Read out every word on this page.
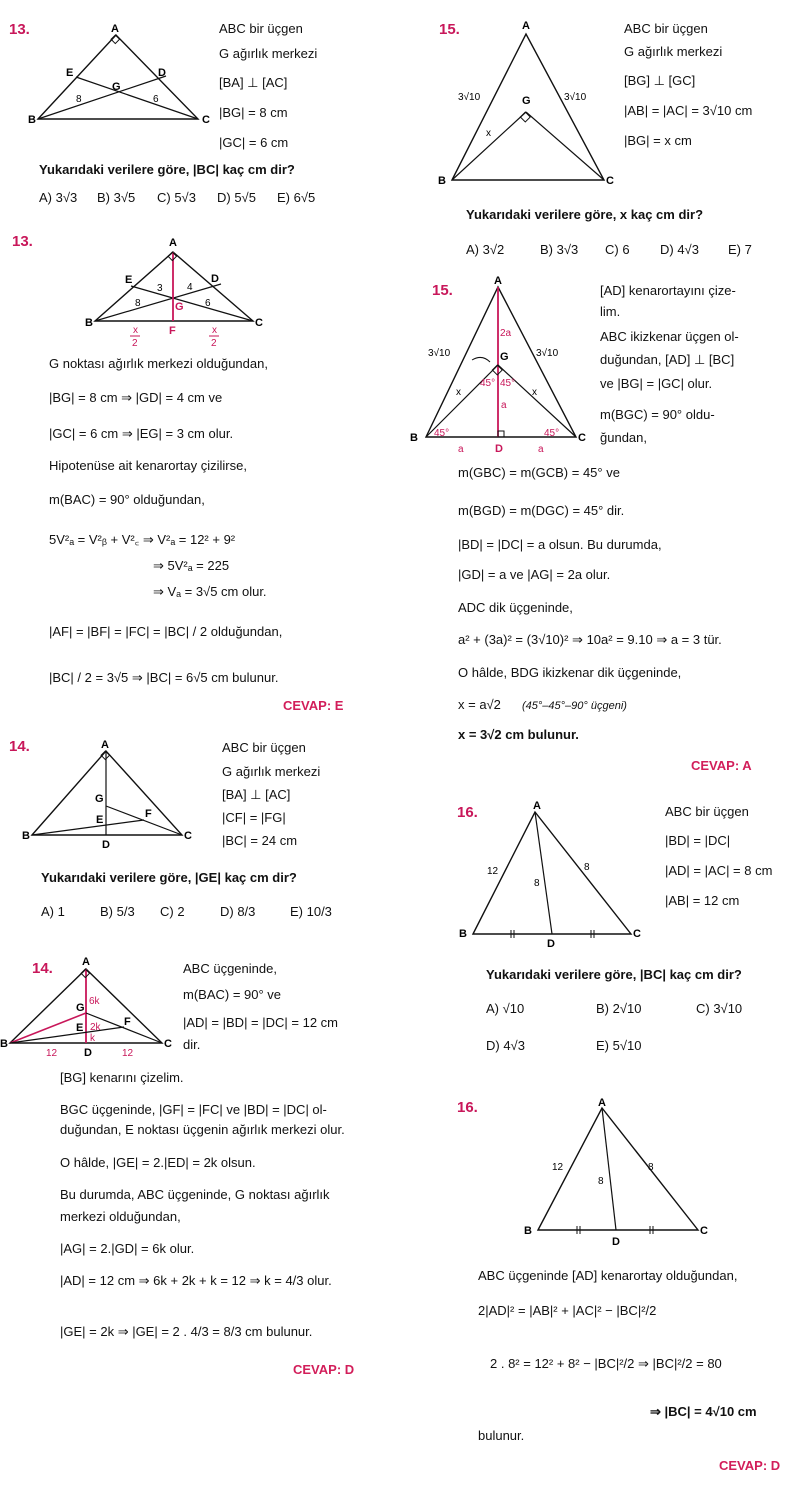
13.	A
B	C
E	D
G
8	6
ABC bir üçgen
G ağırlık merkezi
[BA] ⊥ [AC]
|BG| = 8 cm
|GC| = 6 cm
Yukarıdaki verilere göre, |BC| kaç cm dir?
A) 3√3 B) 3√5 C) 5√3 D) 5√5 E) 6√5
13.	A
B	C
E	D
G
F
3 4
8	6
x
2
x
2
G noktası ağırlık merkezi olduğundan,
|BG| = 8 cm ⇒ |GD| = 4 cm ve
|GC| = 6 cm ⇒ |EG| = 3 cm olur.
Hipotenüse ait kenarortay çizilirse,
m(BAC) = 90° olduğundan,
5V²ₐ = V²ᵦ + V²꜀ ⇒ V²ₐ = 12² + 9²
⇒ 5V²ₐ = 225
⇒ Vₐ = 3√5 cm olur.
|AF| = |BF| = |FC| = |BC| / 2 olduğundan,
|BC| / 2 = 3√5 ⇒ |BC| = 6√5 cm bulunur.
CEVAP: E
14.	A
B	C
G
E	F
D
ABC bir üçgen
G ağırlık merkezi
[BA] ⊥ [AC]
|CF| = |FG|
|BC| = 24 cm
Yukarıdaki verilere göre, |GE| kaç cm dir?
A) 1	B) 5/3 C) 2	D) 8/3	E) 10/3
14.	A
B	C
G
E	F
D
6k
2k
k
12	12
ABC üçgeninde,
m(BAC) = 90° ve
|AD| = |BD| = |DC| = 12 cm
dir.
[BG] kenarını çizelim.
BGC üçgeninde, |GF| = |FC| ve |BD| = |DC| ol-
duğundan, E noktası üçgenin ağırlık merkezi olur.
O hâlde, |GE| = 2.|ED| = 2k olsun.
Bu durumda, ABC üçgeninde, G noktası ağırlık
merkezi olduğundan,
|AG| = 2.|GD| = 6k olur.
|AD| = 12 cm ⇒ 6k + 2k + k = 12 ⇒ k = 4/3 olur.
|GE| = 2k ⇒ |GE| = 2 . 4/3 = 8/3 cm bulunur.
CEVAP: D
15.	A
B	C
G
x
3√10	3√10
ABC bir üçgen
G ağırlık merkezi
[BG] ⊥ [GC]
|AB| = |AC| = 3√10 cm
|BG| = x cm
Yukarıdaki verilere göre, x kaç cm dir?
A) 3√2	B) 3√3 C) 6 D) 4√3 E) 7
15.
A
B	C
G
D
2a
a
a	a
x	x
3√10	3√10
45° 45°
45°	45°
[AD] kenarortayını çize-
lim.
ABC ikizkenar üçgen ol-
duğundan, [AD] ⊥ [BC]
ve |BG| = |GC| olur.
m(BGC) = 90° oldu-
ğundan,
m(GBC) = m(GCB) = 45° ve
m(BGD) = m(DGC) = 45° dir.
|BD| = |DC| = a olsun. Bu durumda,
|GD| = a ve |AG| = 2a olur.
ADC dik üçgeninde,
a² + (3a)² = (3√10)² ⇒ 10a² = 9.10 ⇒ a = 3 tür.
O hâlde, BDG ikizkenar dik üçgeninde,
x = a√2 (45°–45°–90° üçgeni)
x = 3√2 cm bulunur.
CEVAP: A
16.	A
B	C
D
12
8
8
ABC bir üçgen
|BD| = |DC|
|AD| = |AC| = 8 cm
|AB| = 12 cm
Yukarıdaki verilere göre, |BC| kaç cm dir?
A) √10	B) 2√10	C) 3√10
D) 4√3	E) 5√10
16.	A
B	C
D
12
8
8
ABC üçgeninde [AD] kenarortay olduğundan,
2|AD|² = |AB|² + |AC|² − |BC|²/2
2 . 8² = 12² + 8² − |BC|²/2 ⇒ |BC|²/2 = 80
⇒ |BC| = 4√10 cm
bulunur.
CEVAP: D
